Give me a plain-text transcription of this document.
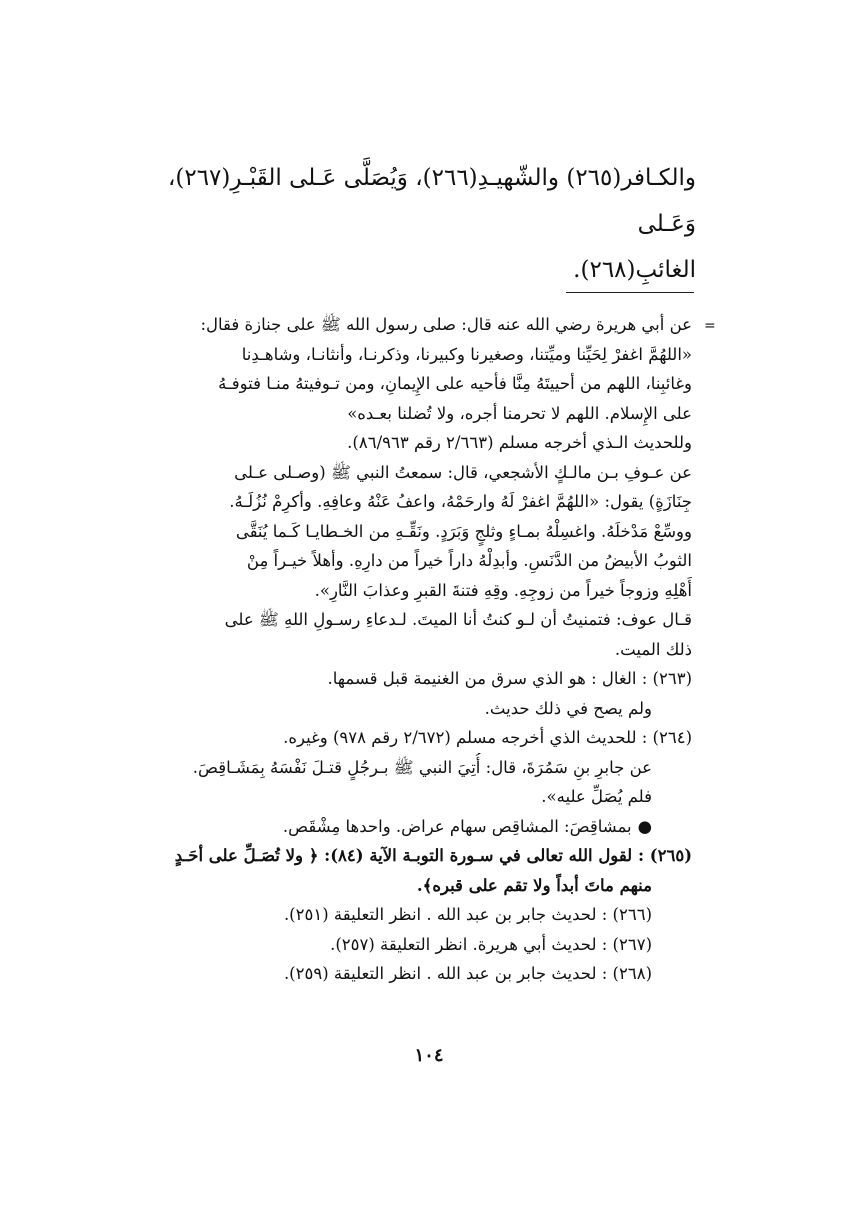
والكـافر(٢٦٥) والشّهيـدِ(٢٦٦)، وَيُصَلَّى عَـلى القَبْـرِ(٢٦٧)، وَعَـلى
الغائبِ(٢٦٨).
=
عن أبي هريرة رضي الله عنه قال: صلى رسول الله ﷺ على جنازة فقال:
«اللهُمَّ اغفرْ لِحَيِّنا وميِّتنا، وصغيرنا وكبيرنا، وذكرنـا، وأنثانـا، وشاهـدِنا
وغائبِنا، اللهم من أحييتَهُ مِنَّا فأحيه على الإِيمانِ، ومن تـوفيتهُ منـا فتوفـهُ
على الإِسلام. اللهم لا تحرمنا أجره، ولا تُضلنا بعـده»
وللحديث الـذي أخرجه مسلم (٢/٦٦٣ رقم ٨٦/٩٦٣).
عن عـوفِ بـن مالـكٍ الأشجعي، قال: سمعتُ النبي ﷺ (وصـلى عـلى
جِنَازَةٍ) يقول: «اللهُمَّ اغفرْ لَهُ وارحَمْهُ، واعفُ عَنْهُ وعافِهِ. وأكرِمْ نُزُلَـهُ.
ووسِّعْ مَدْخلَهُ. واغسِلْهُ بمـاءٍ وثلجٍ وَبَرَدٍ. ونَقِّـهِ من الخـطايـا كَـما يُنَقَّى
الثوبُ الأبيضُ من الدَّنَسِ. وأبدِلْهُ داراً خيراً من دارِهِ. وأهلاً خيـراً مِنْ
أَهْلِهِ وزوجاً خيراً من زوجِهِ. وقِهِ فتنةَ القبرِ وعذابَ النَّارِ».
قـال عوف: فتمنيتُ أن لـو كنتُ أنا الميتَ. لـدعاءِ رسـولِ اللهِ ﷺ على
ذلك الميت.
(٢٦٣) : الغال : هو الذي سرق من الغنيمة قبل قسمها.
ولم يصح في ذلك حديث.
(٢٦٤) : للحديث الذي أخرجه مسلم (٢/٦٧٢ رقم ٩٧٨) وغيره.
عن جابرِ بنِ سَمُرَةَ، قال: أُتِيَ النبي ﷺ بـرجُلٍ قتـلَ نَفْسَهُ بِمَشَـاقِصَ.
فلم يُصَلِّ عليه».
● بمشاقِصَ: المشاقِص سهام عراض. واحدها مِشْقَص.
(٢٦٥) : لقول الله تعالى في سـورة التوبـة الآية (٨٤): ﴿ ولا تُصَـلِّ على أحَـدٍ
منهم ماتَ أبداً ولا تقم على قبره﴾.
(٢٦٦) : لحديث جابر بن عبد الله . انظر التعليقة (٢٥١).
(٢٦٧) : لحديث أبي هريرة. انظر التعليقة (٢٥٧).
(٢٦٨) : لحديث جابر بن عبد الله . انظر التعليقة (٢٥٩).
١٠٤
